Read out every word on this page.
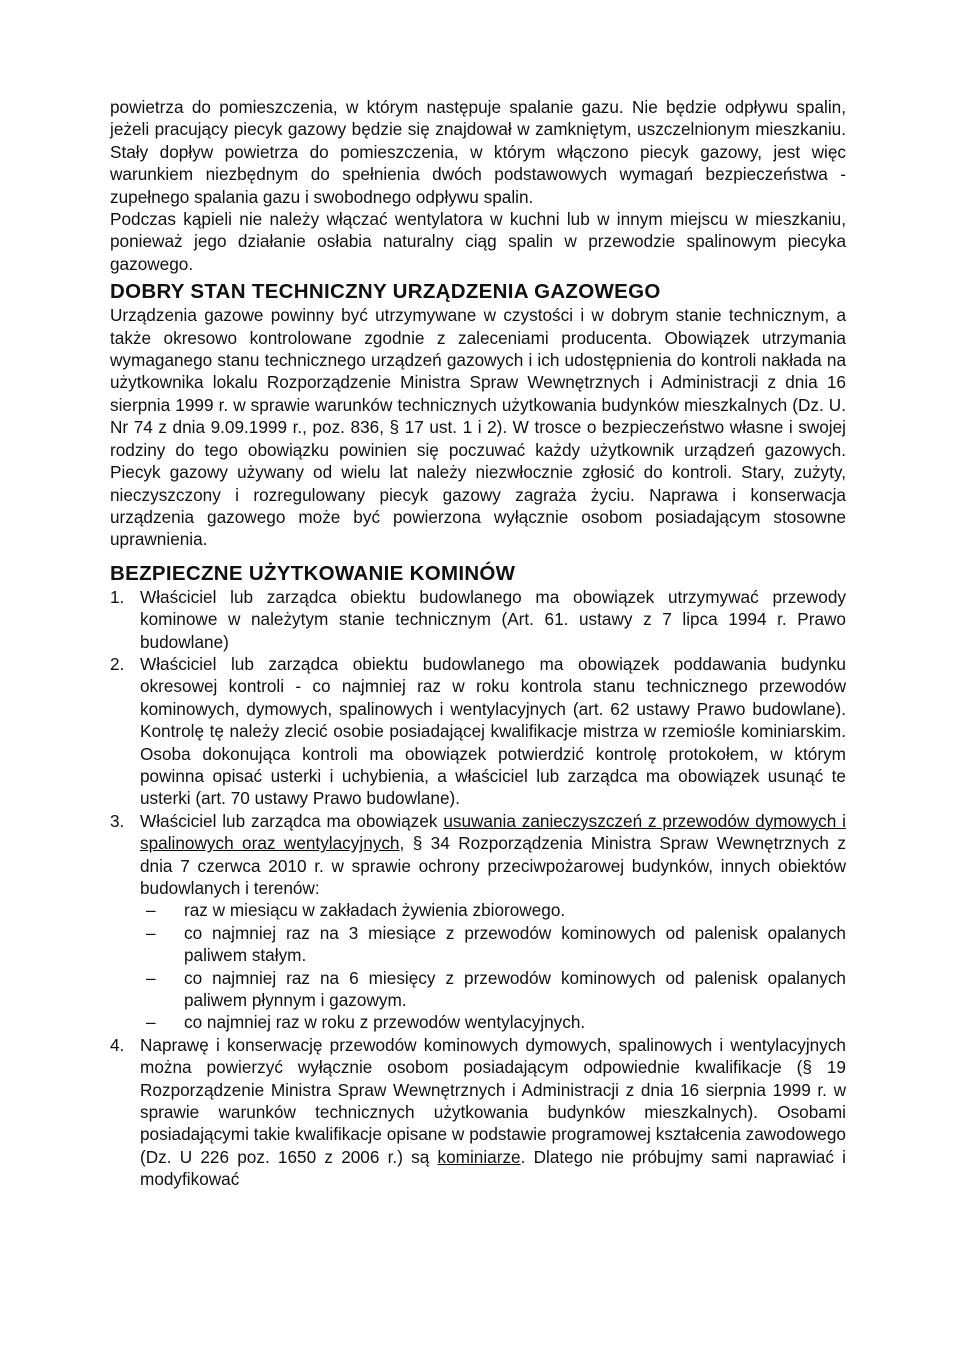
powietrza do pomieszczenia, w którym następuje spalanie gazu. Nie będzie odpływu spalin, jeżeli pracujący piecyk gazowy będzie się znajdował w zamkniętym, uszczelnionym mieszkaniu. Stały dopływ powietrza do pomieszczenia, w którym włączono piecyk gazowy, jest więc warunkiem niezbędnym do spełnienia dwóch podstawowych wymagań bezpieczeństwa - zupełnego spalania gazu i swobodnego odpływu spalin.

Podczas kąpieli nie należy włączać wentylatora w kuchni lub w innym miejscu w mieszkaniu, ponieważ jego działanie osłabia naturalny ciąg spalin w przewodzie spalinowym piecyka gazowego.

DOBRY STAN TECHNICZNY URZĄDZENIA GAZOWEGO

Urządzenia gazowe powinny być utrzymywane w czystości i w dobrym stanie technicznym, a także okresowo kontrolowane zgodnie z zaleceniami producenta. Obowiązek utrzymania wymaganego stanu technicznego urządzeń gazowych i ich udostępnienia do kontroli nakłada na użytkownika lokalu Rozporządzenie Ministra Spraw Wewnętrznych i Administracji z dnia 16 sierpnia 1999 r. w sprawie warunków technicznych użytkowania budynków mieszkalnych (Dz. U. Nr 74 z dnia 9.09.1999 r., poz. 836, § 17 ust. 1 i 2). W trosce o bezpieczeństwo własne i swojej rodziny do tego obowiązku powinien się poczuwać każdy użytkownik urządzeń gazowych. Piecyk gazowy używany od wielu lat należy niezwłocznie zgłosić do kontroli. Stary, zużyty, nieczyszczony i rozregulowany piecyk gazowy zagraża życiu. Naprawa i konserwacja urządzenia gazowego może być powierzona wyłącznie osobom posiadającym stosowne uprawnienia.

BEZPIECZNE UŻYTKOWANIE KOMINÓW
1. Właściciel lub zarządca obiektu budowlanego ma obowiązek utrzymywać przewody kominowe w należytym stanie technicznym (Art. 61. ustawy z 7 lipca 1994 r. Prawo budowlane)
2. Właściciel lub zarządca obiektu budowlanego ma obowiązek poddawania budynku okresowej kontroli - co najmniej raz w roku kontrola stanu technicznego przewodów kominowych, dymowych, spalinowych i wentylacyjnych (art. 62 ustawy Prawo budowlane). Kontrolę tę należy zlecić osobie posiadającej kwalifikacje mistrza w rzemiośle kominiarskim. Osoba dokonująca kontroli ma obowiązek potwierdzić kontrolę protokołem, w którym powinna opisać usterki i uchybienia, a właściciel lub zarządca ma obowiązek usunąć te usterki (art. 70 ustawy Prawo budowlane).
3. Właściciel lub zarządca ma obowiązek usuwania zanieczyszczeń z przewodów dymowych i spalinowych oraz wentylacyjnych, § 34 Rozporządzenia Ministra Spraw Wewnętrznych z dnia 7 czerwca 2010 r. w sprawie ochrony przeciwpożarowej budynków, innych obiektów budowlanych i terenów:
– raz w miesiącu w zakładach żywienia zbiorowego.
– co najmniej raz na 3 miesiące z przewodów kominowych od palenisk opalanych paliwem stałym.
– co najmniej raz na 6 miesięcy z przewodów kominowych od palenisk opalanych paliwem płynnym i gazowym.
– co najmniej raz w roku z przewodów wentylacyjnych.
4. Naprawę i konserwację przewodów kominowych dymowych, spalinowych i wentylacyjnych można powierzyć wyłącznie osobom posiadającym odpowiednie kwalifikacje (§ 19 Rozporządzenie Ministra Spraw Wewnętrznych i Administracji z dnia 16 sierpnia 1999 r. w sprawie warunków technicznych użytkowania budynków mieszkalnych). Osobami posiadającymi takie kwalifikacje opisane w podstawie programowej kształcenia zawodowego (Dz. U 226 poz. 1650 z 2006 r.) są kominiarze. Dlatego nie próbujmy sami naprawiać i modyfikować
